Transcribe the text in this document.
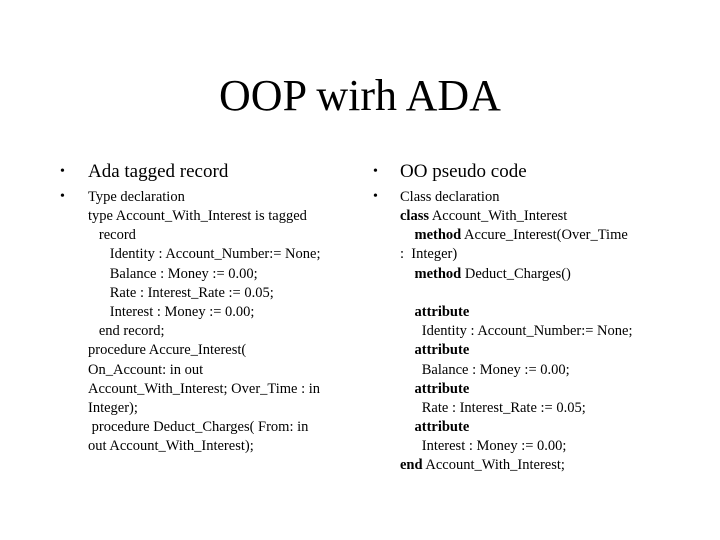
OOP wirh ADA
• Ada tagged record
• Type declaration
type Account_With_Interest is tagged
record
Identity : Account_Number:= None;
Balance : Money := 0.00;
Rate : Interest_Rate := 0.05;
Interest : Money := 0.00;
end record;
procedure Accure_Interest(
On_Account: in out
Account_With_Interest; Over_Time : in
Integer);
procedure Deduct_Charges( From: in
out Account_With_Interest);
• OO pseudo code
• Class declaration
class Account_With_Interest
method Accure_Interest(Over_Time
:  Integer)
method Deduct_Charges()
attribute
Identity : Account_Number:= None;
attribute
Balance : Money := 0.00;
attribute
Rate : Interest_Rate := 0.05;
attribute
Interest : Money := 0.00;
end Account_With_Interest;
